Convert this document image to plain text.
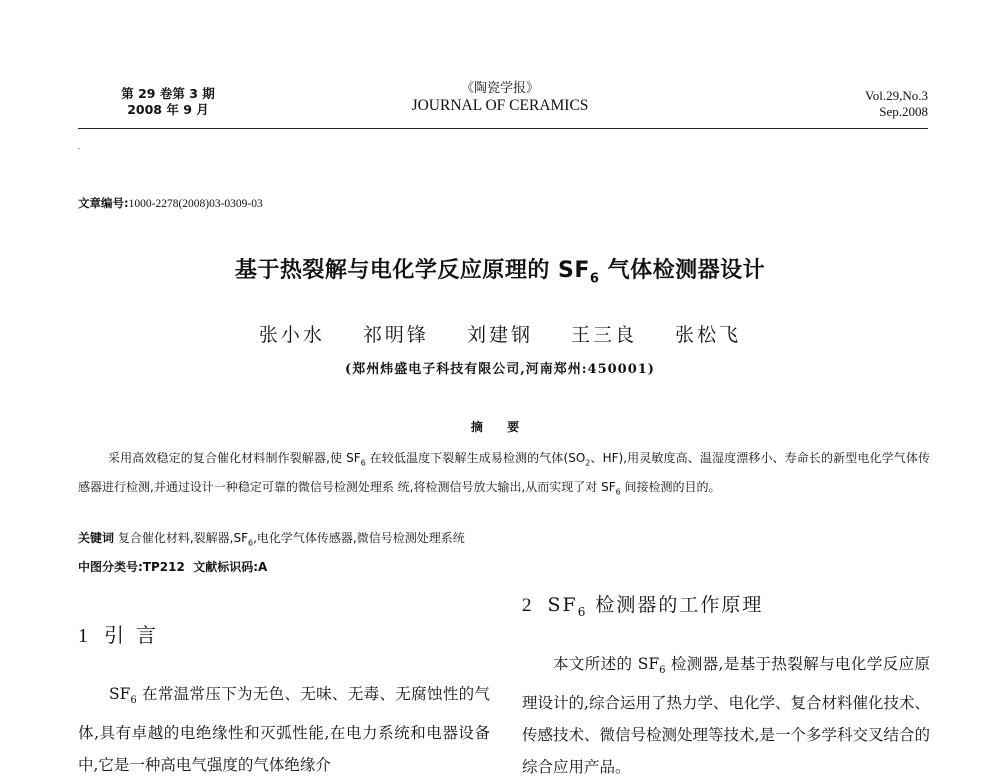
第 29 卷第 3 期
2008 年 9 月
《陶瓷学报》
JOURNAL OF CERAMICS
Vol.29,No.3
Sep.2008
文章编号:1000-2278(2008)03-0309-03
基于热裂解与电化学反应原理的 $SF_6$ 气体检测器设计
张小水 祁明锋 刘建钢 王三良 张松飞
(郑州炜盛电子科技有限公司,河南郑州:450001)
摘 要
采用高效稳定的复合催化材料制作裂解器,使 $SF_6$ 在较低温度下裂解生成易检测的气体($SO_2$、HF),用灵敏度高、温湿度漂移小、寿命长的新型电化学气体传感器进行检测,并通过设计一种稳定可靠的微信号检测处理系 统,将检测信号放大输出,从而实现了对 $SF_6$ 间接检测的目的。
关键词 复合催化材料,裂解器$,SF_6$,电化学气体传感器,微信号检测处理系统
中图分类号:TP212 文献标识码:A
1 引言
2 $SF_6$ 检测器的工作原理
$SF_6$ 在常温常压下为无色、无味、无毒、无腐蚀性的气体,具有卓越的电绝缘性和灭弧性能,在电力系统和电器设备中,它是一种高电气强度的气体绝缘介
本文所述的 $SF_6$ 检测器,是基于热裂解与电化学反应原理设计的,综合运用了热力学、电化学、复合材料催化技术、传感技术、微信号检测处理等技术,是一个多学科交叉结合的综合应用产品。
